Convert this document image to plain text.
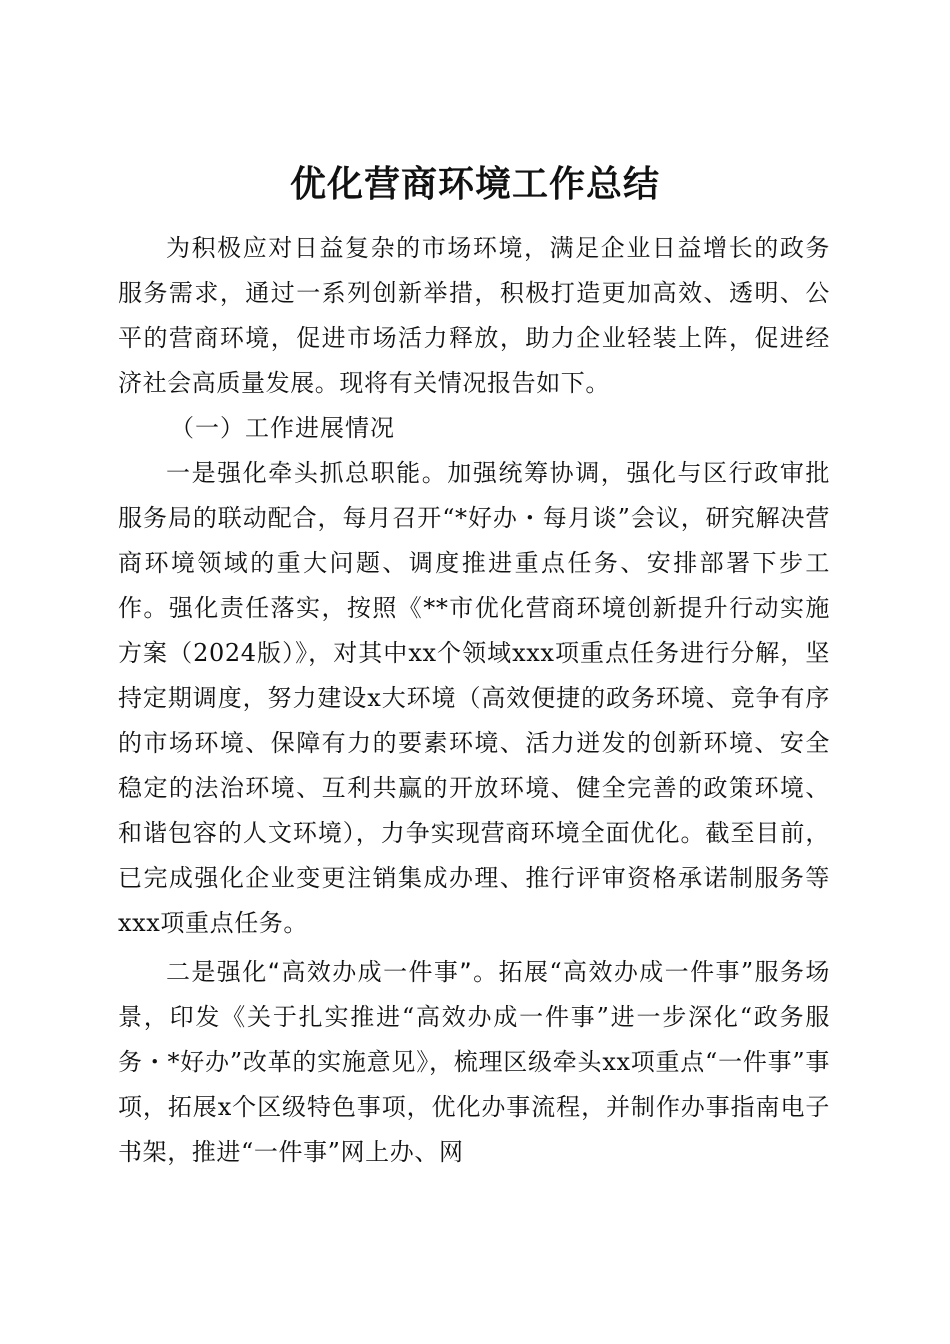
优化营商环境工作总结

为积极应对日益复杂的市场环境，满足企业日益增长的政务服务需求，通过一系列创新举措，积极打造更加高效、透明、公平的营商环境，促进市场活力释放，助力企业轻装上阵，促进经济社会高质量发展。现将有关情况报告如下。

（一）工作进展情况

一是强化牵头抓总职能。加强统筹协调，强化与区行政审批服务局的联动配合，每月召开“*好办・每月谈”会议，研究解决营商环境领域的重大问题、调度推进重点任务、安排部署下步工作。强化责任落实，按照《**市优化营商环境创新提升行动实施方案（2024版）》，对其中xx个领域xxx项重点任务进行分解，坚持定期调度，努力建设x大环境（高效便捷的政务环境、竞争有序的市场环境、保障有力的要素环境、活力迸发的创新环境、安全稳定的法治环境、互利共赢的开放环境、健全完善的政策环境、和谐包容的人文环境），力争实现营商环境全面优化。截至目前，已完成强化企业变更注销集成办理、推行评审资格承诺制服务等xxx项重点任务。

二是强化“高效办成一件事”。拓展“高效办成一件事”服务场景，印发《关于扎实推进“高效办成一件事”进一步深化“政务服务・*好办”改革的实施意见》，梳理区级牵头xx项重点“一件事”事项，拓展x个区级特色事项，优化办事流程，并制作办事指南电子书架，推进“一件事”网上办、网
